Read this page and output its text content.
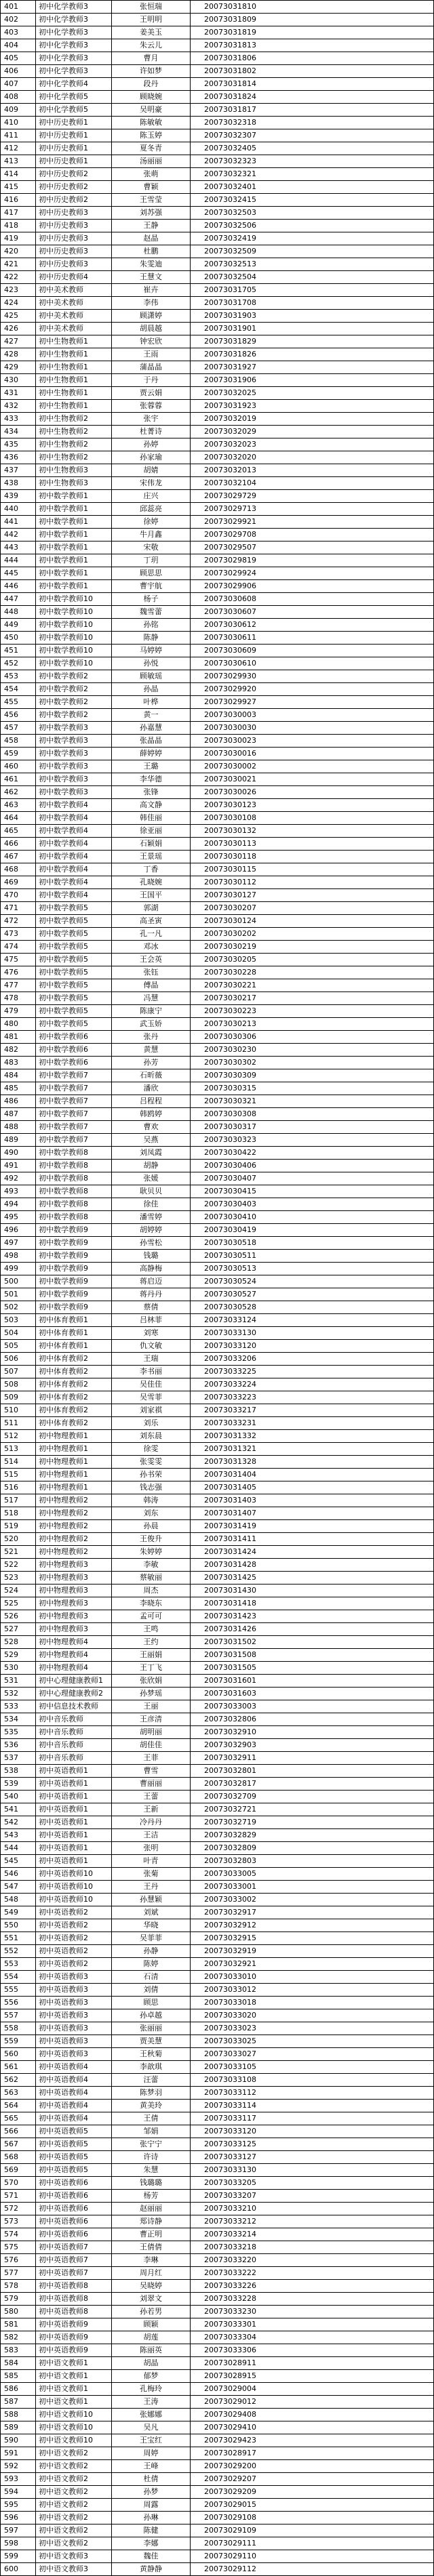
401	初中化学教师3	张恒瑞	20073031810
402	初中化学教师3	王明明	20073031809
403	初中化学教师3	姜美玉	20073031819
404	初中化学教师3	朱云儿	20073031813
405	初中化学教师3	曹月	20073031806
406	初中化学教师3	许如梦	20073031802
407	初中化学教师4	段丹	20073031814
408	初中化学教师5	顾晓婉	20073031824
409	初中化学教师5	吴明豪	20073031817
410	初中历史教师1	陈敏敏	20073032318
411	初中历史教师1	陈玉婷	20073032307
412	初中历史教师1	夏冬青	20073032405
413	初中历史教师1	汤丽丽	20073032323
414	初中历史教师2	张萌	20073032321
415	初中历史教师2	曹颖	20073032401
416	初中历史教师2	王雪莹	20073032415
417	初中历史教师3	刘苏强	20073032503
418	初中历史教师3	王静	20073032506
419	初中历史教师3	赵晶	20073032419
420	初中历史教师3	杜鹏	20073032509
421	初中历史教师3	朱雯迪	20073032513
422	初中历史教师4	王慧文	20073032504
423	初中美术教师	崔卉	20073031705
424	初中美术教师	李伟	20073031708
425	初中美术教师	顾潇婷	20073031903
426	初中美术教师	胡晨越	20073031901
427	初中生物教师1	钟宏欣	20073031829
428	初中生物教师1	王雨	20073031826
429	初中生物教师1	蒲晶晶	20073031927
430	初中生物教师1	于丹	20073031906
431	初中生物教师1	贾云娟	20073032025
432	初中生物教师1	张蓉蓉	20073031923
433	初中生物教师2	张宇	20073032019
434	初中生物教师2	杜菁诗	20073032029
435	初中生物教师2	孙婷	20073032023
436	初中生物教师2	孙家瑜	20073032020
437	初中生物教师3	胡婧	20073032013
438	初中生物教师3	宋伟龙	20073032104
439	初中数学教师1	庄兴	20073029729
440	初中数学教师1	邱蕊亮	20073029713
441	初中数学教师1	徐婷	20073029921
442	初中数学教师1	牛月鑫	20073029708
443	初中数学教师1	宋敬	20073029507
444	初中数学教师1	丁玥	20073029819
445	初中数学教师1	顾思思	20073029924
446	初中数学教师1	曹宇航	20073029906
447	初中数学教师10	杨子	20073030608
448	初中数学教师10	魏雪蕾	20073030607
449	初中数学教师10	孙铭	20073030612
450	初中数学教师10	陈静	20073030611
451	初中数学教师10	马婷婷	20073030609
452	初中数学教师10	孙悦	20073030610
453	初中数学教师2	顾敏瑶	20073029930
454	初中数学教师2	孙晶	20073029920
455	初中数学教师2	叶桦	20073029927
456	初中数学教师2	黄一	20073030003
457	初中数学教师3	孙嘉慧	20073030030
458	初中数学教师3	张晶晶	20073030023
459	初中数学教师3	薛婷婷	20073030016
460	初中数学教师3	王璐	20073030002
461	初中数学教师3	李华德	20073030021
462	初中数学教师3	张锋	20073030026
463	初中数学教师4	高文静	20073030123
464	初中数学教师4	韩佳丽	20073030108
465	初中数学教师4	徐亚丽	20073030132
466	初中数学教师4	石颖娟	20073030113
467	初中数学教师4	王景瑶	20073030118
468	初中数学教师4	丁香	20073030115
469	初中数学教师4	孔晓婉	20073030112
470	初中数学教师4	王国平	20073030127
471	初中数学教师5	郭湖	20073030207
472	初中数学教师5	高圣寅	20073030124
473	初中数学教师5	孔一凡	20073030202
474	初中数学教师5	邓冰	20073030219
475	初中数学教师5	王会英	20073030205
476	初中数学教师5	张钰	20073030228
477	初中数学教师5	傅晶	20073030221
478	初中数学教师5	冯慧	20073030217
479	初中数学教师5	陈康宁	20073030223
480	初中数学教师5	武玉娇	20073030213
481	初中数学教师6	张丹	20073030306
482	初中数学教师6	黄慧	20073030230
483	初中数学教师6	孙芳	20073030302
484	初中数学教师7	石昕薇	20073030309
485	初中数学教师7	潘欣	20073030315
486	初中数学教师7	吕程程	20073030321
487	初中数学教师7	韩鸥婷	20073030308
488	初中数学教师7	曹欢	20073030317
489	初中数学教师7	吴燕	20073030323
490	初中数学教师8	刘凤霞	20073030422
491	初中数学教师8	胡静	20073030406
492	初中数学教师8	张媛	20073030407
493	初中数学教师8	耿贝贝	20073030415
494	初中数学教师8	徐佳	20073030403
495	初中数学教师8	潘雪婷	20073030410
496	初中数学教师9	胡婷婷	20073030419
497	初中数学教师9	孙雪松	20073030518
498	初中数学教师9	钱璐	20073030511
499	初中数学教师9	高静梅	20073030513
500	初中数学教师9	蒋启迈	20073030524
501	初中数学教师9	蒋丹丹	20073030527
502	初中数学教师9	蔡倩	20073030528
503	初中体育教师1	吕林菲	20073033124
504	初中体育教师1	刘寒	20073033130
505	初中体育教师1	仇文敏	20073033120
506	初中体育教师2	王瑞	20073033206
507	初中体育教师2	李书丽	20073033225
508	初中体育教师2	吴佳佳	20073033224
509	初中体育教师2	吴雪菲	20073033223
510	初中体育教师2	刘家祺	20073033217
511	初中体育教师2	刘乐	20073033231
512	初中物理教师1	刘东晨	20073031332
513	初中物理教师1	徐雯	20073031321
514	初中物理教师1	张雯雯	20073031328
515	初中物理教师1	孙书荣	20073031404
516	初中物理教师1	钱志强	20073031405
517	初中物理教师2	韩涛	20073031403
518	初中物理教师2	刘东	20073031407
519	初中物理教师2	孙晨	20073031419
520	初中物理教师2	王俊升	20073031411
521	初中物理教师2	朱婷婷	20073031424
522	初中物理教师3	李敏	20073031428
523	初中物理教师3	蔡敏丽	20073031425
524	初中物理教师3	周杰	20073031430
525	初中物理教师3	李晓东	20073031418
526	初中物理教师3	孟可可	20073031423
527	初中物理教师3	王鸣	20073031426
528	初中物理教师4	王约	20073031502
529	初中物理教师4	王丽娟	20073031508
530	初中物理教师4	王丁飞	20073031505
531	初中心理健康教师1	张欣娟	20073031601
532	初中心理健康教师2	孙梦瑶	20073031603
533	初中信息技术教师	王丽	20073033003
534	初中音乐教师	王彦清	20073032806
535	初中音乐教师	胡明丽	20073032910
536	初中音乐教师	胡佳佳	20073032903
537	初中音乐教师	王菲	20073032911
538	初中英语教师1	曹雪	20073032801
539	初中英语教师1	曹丽丽	20073032817
540	初中英语教师1	王蕾	20073032709
541	初中英语教师1	王新	20073032721
542	初中英语教师1	冷丹丹	20073032719
543	初中英语教师1	王洁	20073032829
544	初中英语教师1	张明	20073032809
545	初中英语教师1	叶青	20073032803
546	初中英语教师10	张菊	20073033005
547	初中英语教师10	王丹	20073033001
548	初中英语教师10	孙慧颖	20073033002
549	初中英语教师2	刘斌	20073032917
550	初中英语教师2	华晓	20073032912
551	初中英语教师2	吴菲菲	20073032915
552	初中英语教师2	孙静	20073032919
553	初中英语教师2	陈婷	20073032921
554	初中英语教师3	石清	20073033010
555	初中英语教师3	刘倩	20073033012
556	初中英语教师3	顾思	20073033018
557	初中英语教师3	孙卓越	20073033020
558	初中英语教师3	张丽丽	20073033023
559	初中英语教师3	贾美慧	20073033025
560	初中英语教师3	王秋菊	20073033027
561	初中英语教师4	李歆琪	20073033105
562	初中英语教师4	汪蕾	20073033108
563	初中英语教师4	陈梦羽	20073033112
564	初中英语教师4	黄美玲	20073033114
565	初中英语教师4	王倩	20073033117
566	初中英语教师5	邹娟	20073033120
567	初中英语教师5	张宁宁	20073033125
568	初中英语教师5	许诗	20073033127
569	初中英语教师5	朱慧	20073033130
570	初中英语教师6	钱璐璐	20073033205
571	初中英语教师6	杨芳	20073033207
572	初中英语教师6	赵丽丽	20073033210
573	初中英语教师6	郑诗静	20073033212
574	初中英语教师6	曹正明	20073033214
575	初中英语教师7	王倩倩	20073033218
576	初中英语教师7	李琳	20073033220
577	初中英语教师7	周月红	20073033222
578	初中英语教师8	吴晓婷	20073033226
579	初中英语教师8	刘翠文	20073033228
580	初中英语教师8	孙若男	20073033230
581	初中英语教师9	顾颖	20073033301
582	初中英语教师9	胡莲	20073033304
583	初中英语教师9	陈丽英	20073033306
584	初中语文教师1	胡晶	20073028911
585	初中语文教师1	郁梦	20073028915
586	初中语文教师1	孔梅玲	20073029004
587	初中语文教师1	王涛	20073029012
588	初中语文教师10	张娜娜	20073029408
589	初中语文教师10	吴凡	20073029410
590	初中语文教师10	王宝红	20073029423
591	初中语文教师2	周婷	20073028917
592	初中语文教师2	王峰	20073029200
593	初中语文教师2	杜倩	20073029207
594	初中语文教师2	孙梦	20073029209
595	初中语文教师2	周露	20073029015
596	初中语文教师2	孙琳	20073029108
597	初中语文教师2	陈健	20073029109
598	初中语文教师2	李娜	20073029111
599	初中语文教师3	魏佳	20073029110
600	初中语文教师3	黄静静	20073029112
